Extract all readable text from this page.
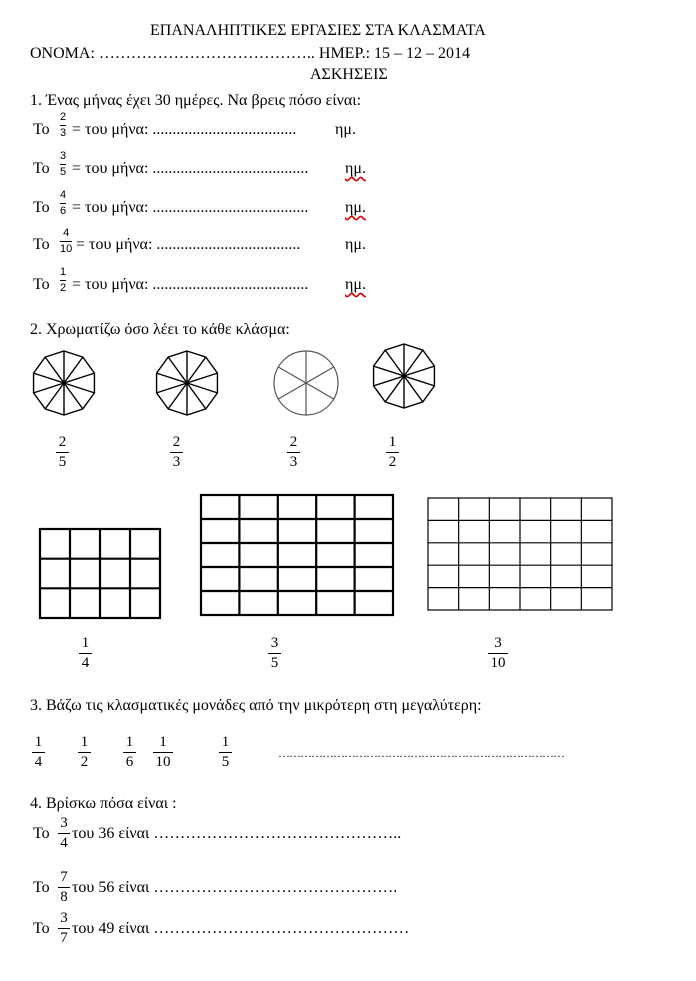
ΕΠΑΝΑΛΗΠΤΙΚΕΣ ΕΡΓΑΣΙΕΣ ΣΤΑ ΚΛΑΣΜΑΤΑ
ΟΝΟΜΑ: ………………………………….. ΗΜΕΡ.: 15 – 12 – 2014
ΑΣΚΗΣΕΙΣ
1. Ένας μήνας έχει 30 ημέρες. Να βρεις πόσο είναι:
Το
2
3 = του μήνα: .................................... ημ.
Το
3
5 = του μήνα: ....................................... ημ.
Το
4
6 = του μήνα: ....................................... ημ.
Το
4
10 = του μήνα: ....................................	ημ.
Το
1
2 = του μήνα: ....................................... ημ.
2. Χρωματίζω όσο λέει το κάθε κλάσμα:
2
5
2
3
2
3
1
2
1
4
3
5
3
10
3. Βάζω τις κλασματικές μονάδες από την μικρότερη στη μεγαλύτερη:
1
4
1
2
1
6
1
10
1
5
……………………………………………………………………
4. Βρίσκω πόσα είναι :
Το
3
4
του 36 είναι ………………………………………..
Το
7
8
του 56 είναι ……………………………………….
Το
3
7
του 49 είναι …………………………………………
